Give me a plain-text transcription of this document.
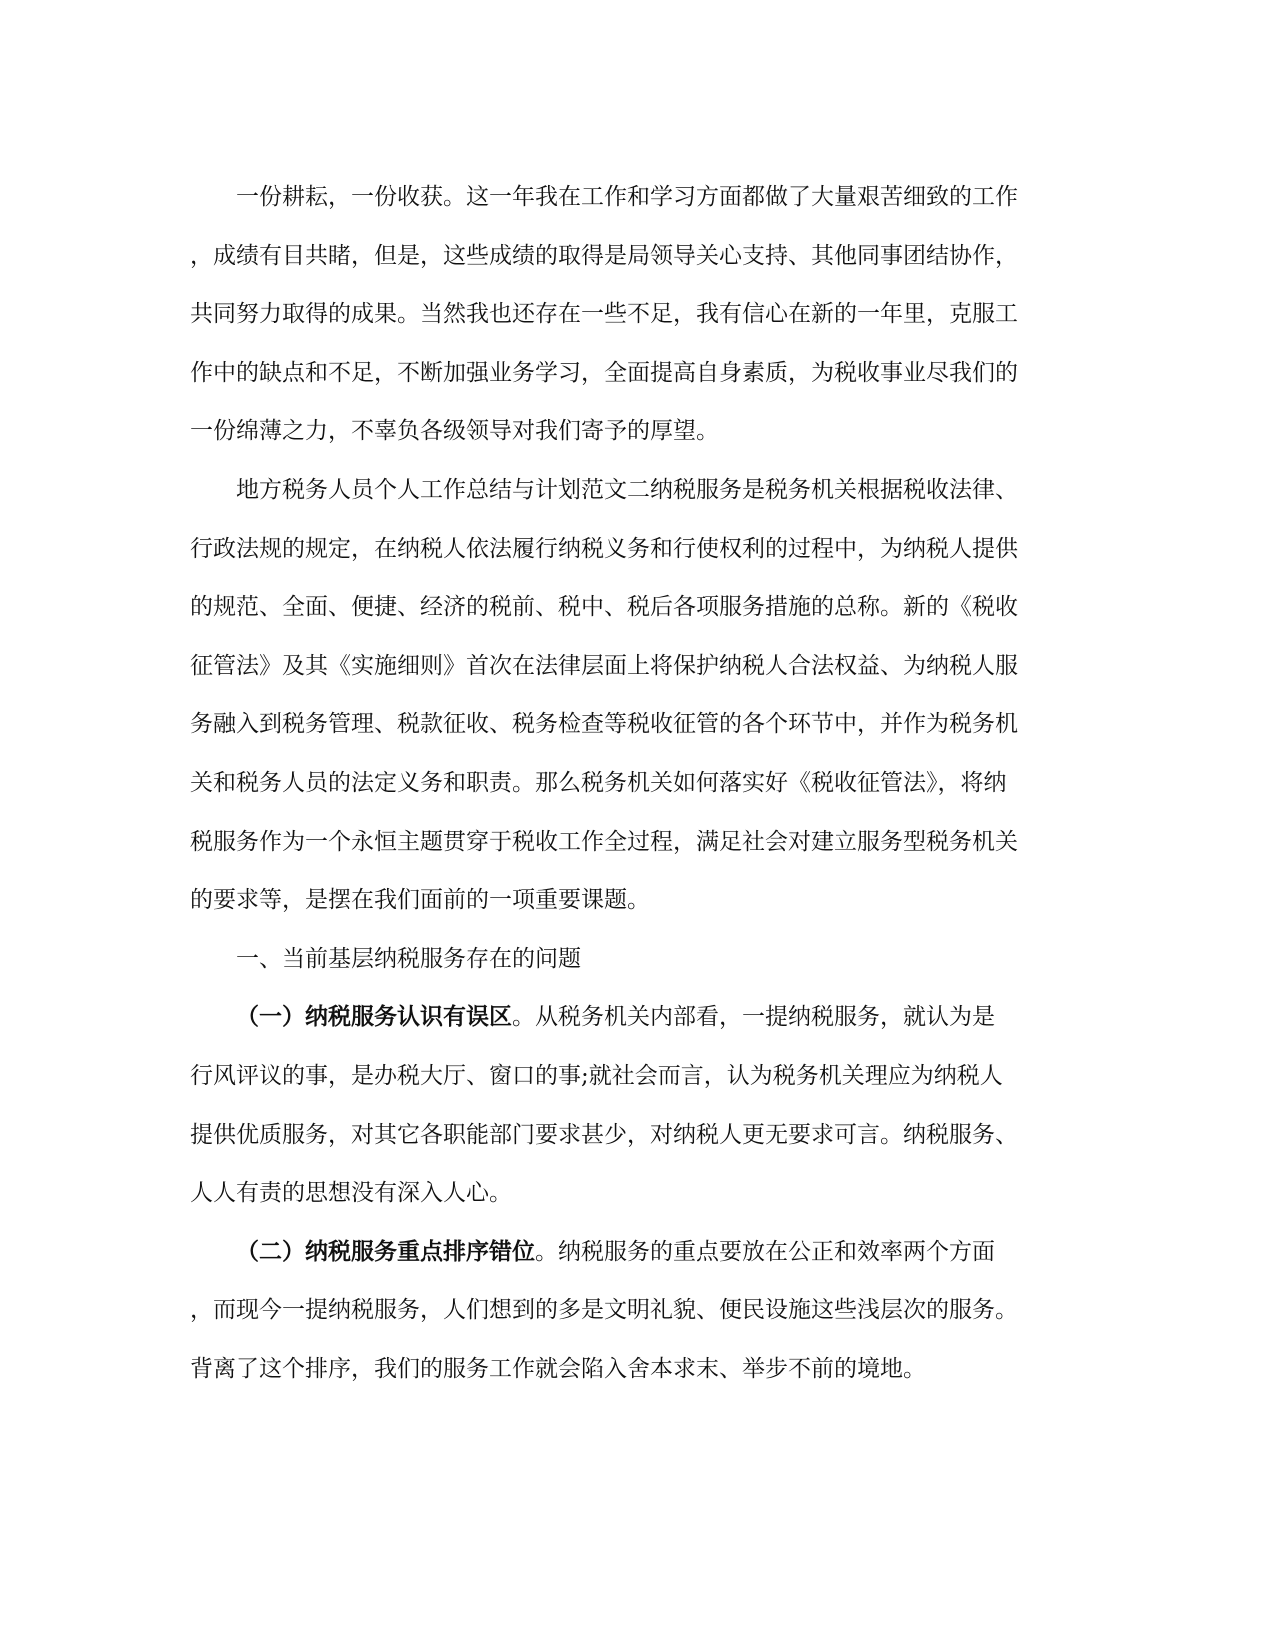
一份耕耘，一份收获。这一年我在工作和学习方面都做了大量艰苦细致的工作
，成绩有目共睹，但是，这些成绩的取得是局领导关心支持、其他同事团结协作，
共同努力取得的成果。当然我也还存在一些不足，我有信心在新的一年里，克服工
作中的缺点和不足，不断加强业务学习，全面提高自身素质，为税收事业尽我们的
一份绵薄之力，不辜负各级领导对我们寄予的厚望。

地方税务人员个人工作总结与计划范文二纳税服务是税务机关根据税收法律、
行政法规的规定，在纳税人依法履行纳税义务和行使权利的过程中，为纳税人提供
的规范、全面、便捷、经济的税前、税中、税后各项服务措施的总称。新的《税收
征管法》及其《实施细则》首次在法律层面上将保护纳税人合法权益、为纳税人服
务融入到税务管理、税款征收、税务检查等税收征管的各个环节中，并作为税务机
关和税务人员的法定义务和职责。那么税务机关如何落实好《税收征管法》，将纳
税服务作为一个永恒主题贯穿于税收工作全过程，满足社会对建立服务型税务机关
的要求等，是摆在我们面前的一项重要课题。

一、当前基层纳税服务存在的问题

（一）纳税服务认识有误区。从税务机关内部看，一提纳税服务，就认为是
行风评议的事，是办税大厅、窗口的事;就社会而言，认为税务机关理应为纳税人
提供优质服务，对其它各职能部门要求甚少，对纳税人更无要求可言。纳税服务、
人人有责的思想没有深入人心。

（二）纳税服务重点排序错位。纳税服务的重点要放在公正和效率两个方面
，而现今一提纳税服务，人们想到的多是文明礼貌、便民设施这些浅层次的服务。
背离了这个排序，我们的服务工作就会陷入舍本求末、举步不前的境地。
